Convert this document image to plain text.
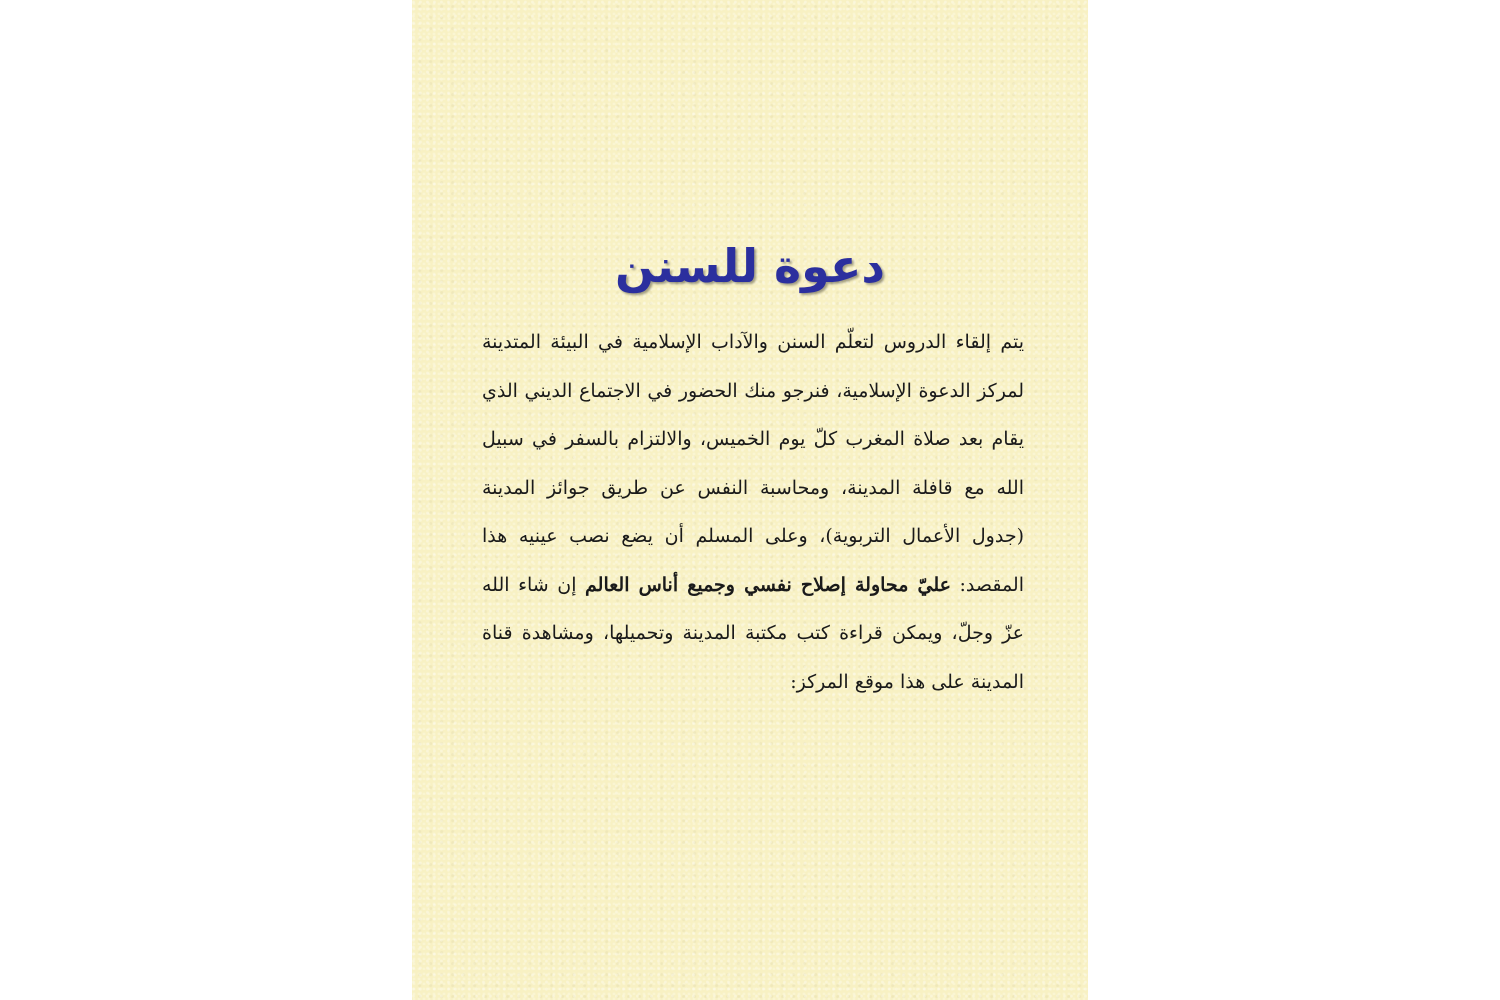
دعوة للسنن

يتم إلقاء الدروس لتعلّم السنن والآداب الإسلامية في البيئة المتدينة لمركز الدعوة الإسلامية، فنرجو منك الحضور في الاجتماع الديني الذي يقام بعد صلاة المغرب كلّ يوم الخميس، والالتزام بالسفر في سبيل الله مع قافلة المدينة، ومحاسبة النفس عن طريق جوائز المدينة (جدول الأعمال التربوية)، وعلى المسلم أن يضع نصب عينيه هذا المقصد: عليّ محاولة إصلاح نفسي وجميع أناس العالم إن شاء الله عزّ وجلّ، ويمكن قراءة كتب مكتبة المدينة وتحميلها، ومشاهدة قناة المدينة على هذا موقع المركز:
